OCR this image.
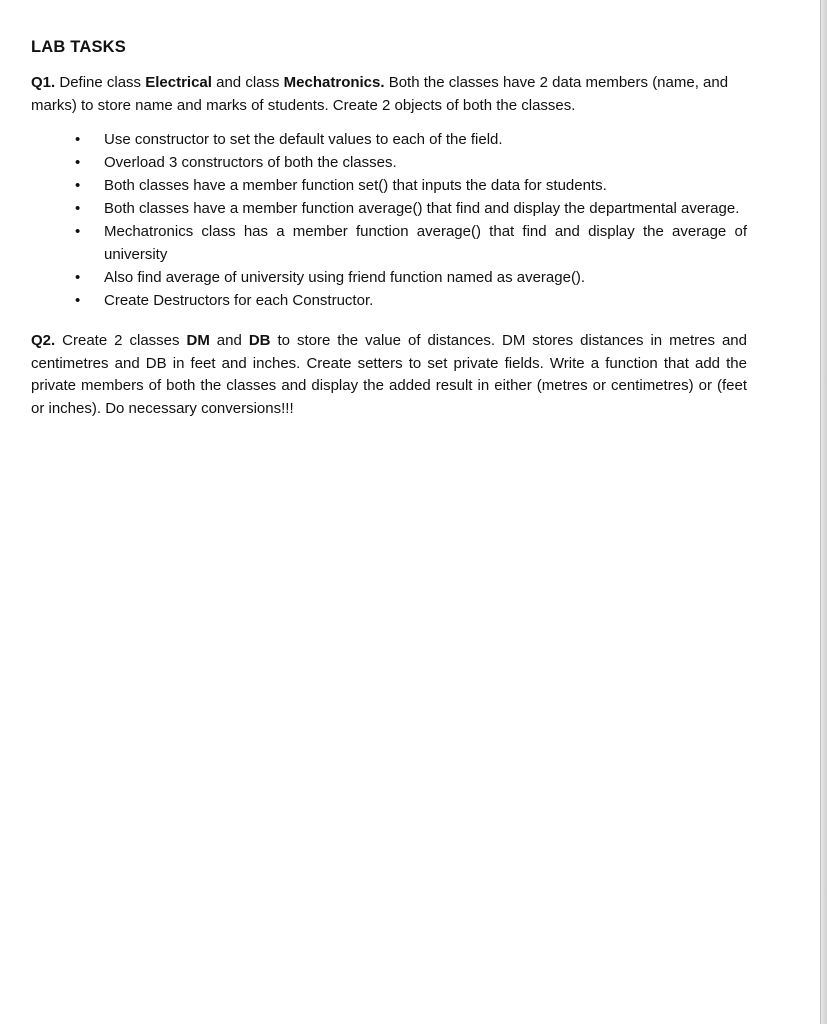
LAB TASKS

Q1. Define class Electrical and class Mechatronics. Both the classes have 2 data members (name, and marks) to store name and marks of students. Create 2 objects of both the classes.

• Use constructor to set the default values to each of the field.
• Overload 3 constructors of both the classes.
• Both classes have a member function set() that inputs the data for students.
• Both classes have a member function average() that find and display the departmental average.
• Mechatronics class has a member function average() that find and display the average of university
• Also find average of university using friend function named as average().
• Create Destructors for each Constructor.

Q2. Create 2 classes DM and DB to store the value of distances. DM stores distances in metres and centimetres and DB in feet and inches. Create setters to set private fields. Write a function that add the private members of both the classes and display the added result in either (metres or centimetres) or (feet or inches). Do necessary conversions!!!
